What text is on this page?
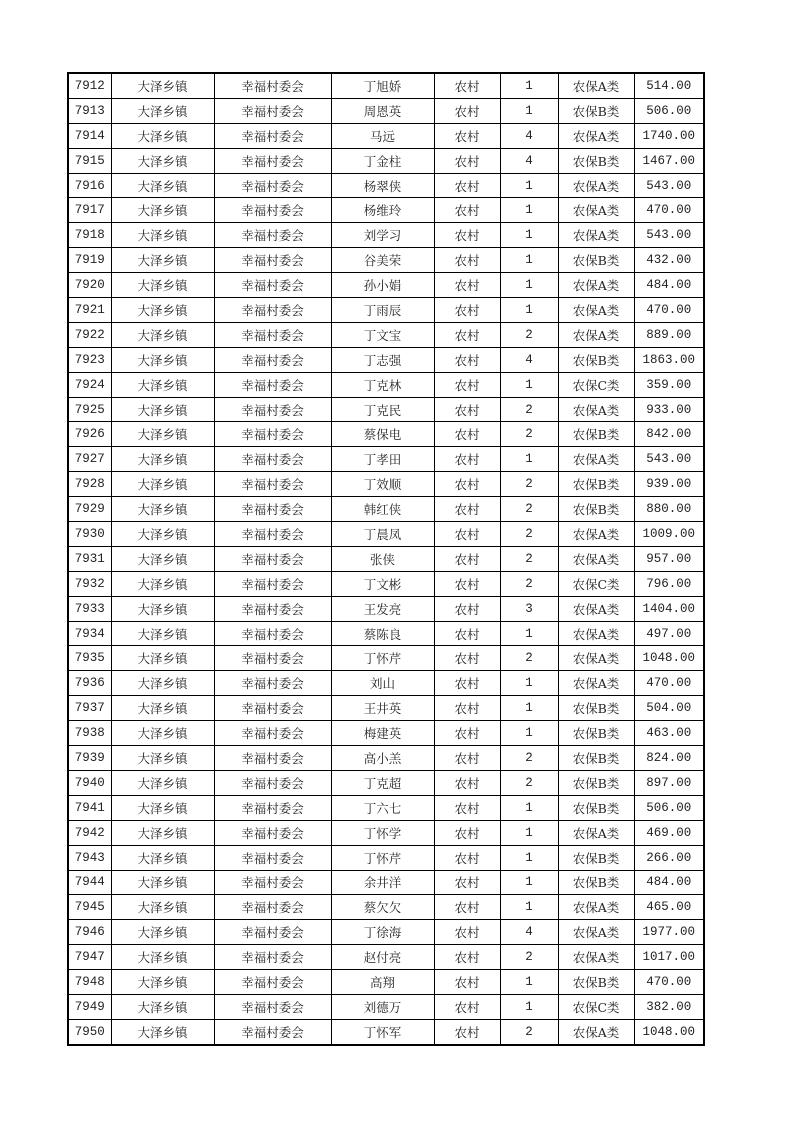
7912	大泽乡镇	幸福村委会	丁旭娇	农村	1	农保A类	514.00
7913	大泽乡镇	幸福村委会	周恩英	农村	1	农保B类	506.00
7914	大泽乡镇	幸福村委会	马远	农村	4	农保A类	1740.00
7915	大泽乡镇	幸福村委会	丁金柱	农村	4	农保B类	1467.00
7916	大泽乡镇	幸福村委会	杨翠侠	农村	1	农保A类	543.00
7917	大泽乡镇	幸福村委会	杨维玲	农村	1	农保A类	470.00
7918	大泽乡镇	幸福村委会	刘学习	农村	1	农保A类	543.00
7919	大泽乡镇	幸福村委会	谷美荣	农村	1	农保B类	432.00
7920	大泽乡镇	幸福村委会	孙小娟	农村	1	农保A类	484.00
7921	大泽乡镇	幸福村委会	丁雨辰	农村	1	农保A类	470.00
7922	大泽乡镇	幸福村委会	丁文宝	农村	2	农保A类	889.00
7923	大泽乡镇	幸福村委会	丁志强	农村	4	农保B类	1863.00
7924	大泽乡镇	幸福村委会	丁克林	农村	1	农保C类	359.00
7925	大泽乡镇	幸福村委会	丁克民	农村	2	农保A类	933.00
7926	大泽乡镇	幸福村委会	蔡保电	农村	2	农保B类	842.00
7927	大泽乡镇	幸福村委会	丁孝田	农村	1	农保A类	543.00
7928	大泽乡镇	幸福村委会	丁效顺	农村	2	农保B类	939.00
7929	大泽乡镇	幸福村委会	韩红侠	农村	2	农保B类	880.00
7930	大泽乡镇	幸福村委会	丁晨凤	农村	2	农保A类	1009.00
7931	大泽乡镇	幸福村委会	张侠	农村	2	农保A类	957.00
7932	大泽乡镇	幸福村委会	丁文彬	农村	2	农保C类	796.00
7933	大泽乡镇	幸福村委会	王发亮	农村	3	农保A类	1404.00
7934	大泽乡镇	幸福村委会	蔡陈良	农村	1	农保A类	497.00
7935	大泽乡镇	幸福村委会	丁怀芹	农村	2	农保A类	1048.00
7936	大泽乡镇	幸福村委会	刘山	农村	1	农保A类	470.00
7937	大泽乡镇	幸福村委会	王井英	农村	1	农保B类	504.00
7938	大泽乡镇	幸福村委会	梅建英	农村	1	农保B类	463.00
7939	大泽乡镇	幸福村委会	高小羔	农村	2	农保B类	824.00
7940	大泽乡镇	幸福村委会	丁克超	农村	2	农保B类	897.00
7941	大泽乡镇	幸福村委会	丁六七	农村	1	农保B类	506.00
7942	大泽乡镇	幸福村委会	丁怀学	农村	1	农保A类	469.00
7943	大泽乡镇	幸福村委会	丁怀芹	农村	1	农保B类	266.00
7944	大泽乡镇	幸福村委会	余井洋	农村	1	农保B类	484.00
7945	大泽乡镇	幸福村委会	蔡欠欠	农村	1	农保A类	465.00
7946	大泽乡镇	幸福村委会	丁徐海	农村	4	农保A类	1977.00
7947	大泽乡镇	幸福村委会	赵付亮	农村	2	农保A类	1017.00
7948	大泽乡镇	幸福村委会	高翔	农村	1	农保B类	470.00
7949	大泽乡镇	幸福村委会	刘德万	农村	1	农保C类	382.00
7950	大泽乡镇	幸福村委会	丁怀军	农村	2	农保A类	1048.00
